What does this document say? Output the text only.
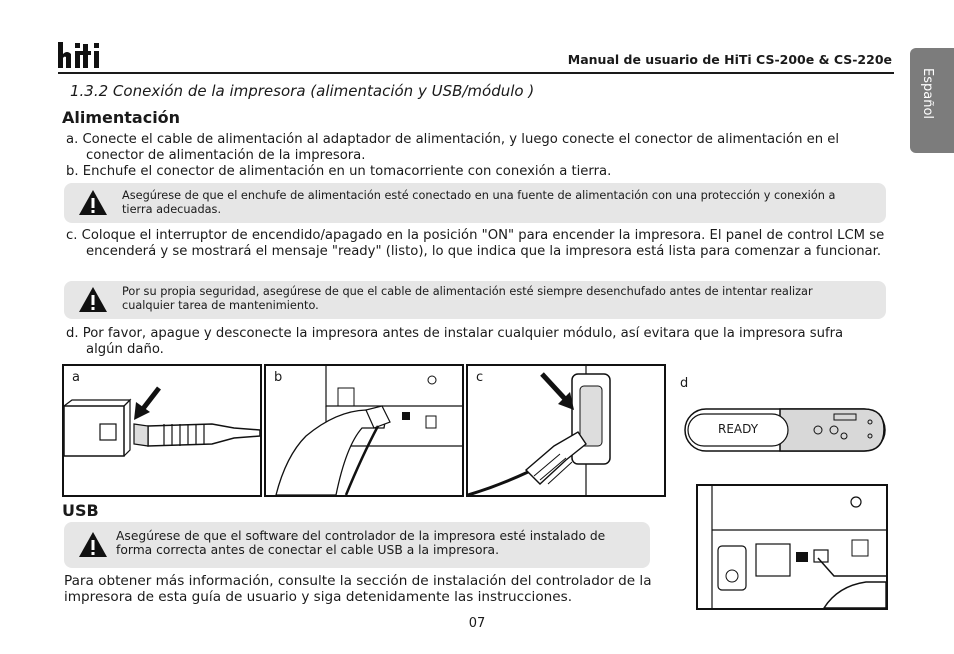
Manual de usuario de HiTi CS-200e & CS-220e
Español
1.3.2 Conexión de la impresora (alimentación y USB/módulo )
Alimentación
a. Conecte el cable de alimentación al adaptador de alimentación, y luego conecte el conector de alimentación en el conector de alimentación de la impresora.
b. Enchufe el conector de alimentación en un tomacorriente con conexión a tierra.
Asegúrese de que el enchufe de alimentación esté conectado en una fuente de alimentación con una protección y conexión a tierra adecuadas.
c. Coloque el interruptor de encendido/apagado en la posición "ON" para encender la impresora. El panel de control LCM se encenderá y se mostrará el mensaje "ready" (listo), lo que indica que la impresora está lista para comenzar a funcionar.
Por su propia seguridad, asegúrese de que el cable de alimentación esté siempre desenchufado antes de intentar realizar cualquier tarea de mantenimiento.
d. Por favor, apague y desconecte la impresora antes de instalar cualquier módulo, así evitara que la impresora sufra algún daño.
a	b	c	d
READY
USB
Asegúrese de que el software del controlador de la impresora esté instalado de forma correcta antes de conectar el cable USB a la impresora.
Para obtener más información, consulte la sección de instalación del controlador de la impresora de esta guía de usuario y siga detenidamente las instrucciones.
07
